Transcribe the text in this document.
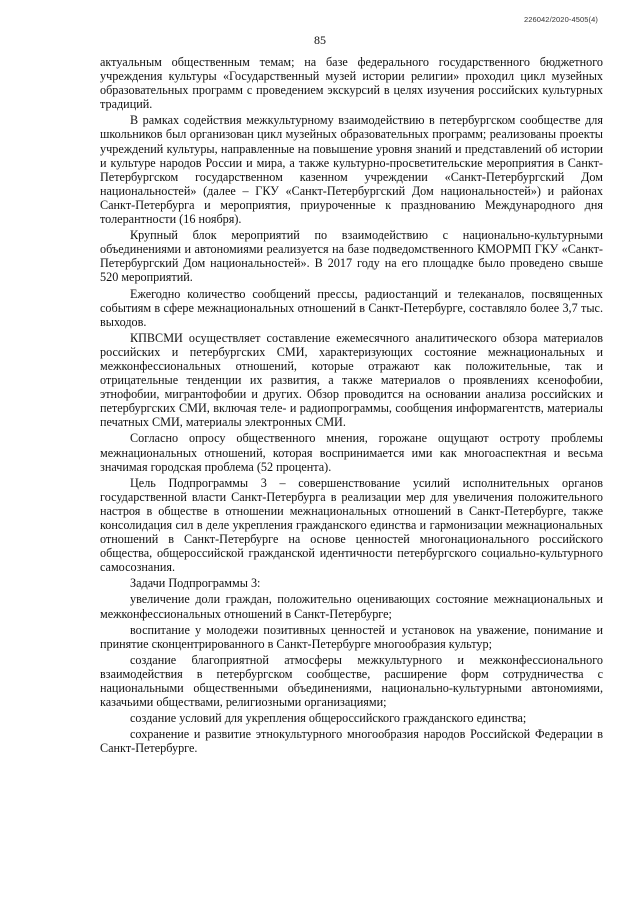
226042/2020-4505(4)
85

актуальным общественным темам; на базе федерального государственного бюджетного учреждения культуры «Государственный музей истории религии» проходил цикл музейных образовательных программ с проведением экскурсий в целях изучения российских культурных традиций.

В рамках содействия межкультурному взаимодействию в петербургском сообществе для школьников был организован цикл музейных образовательных программ; реализованы проекты учреждений культуры, направленные на повышение уровня знаний и представлений об истории и культуре народов России и мира, а также культурно-просветительские мероприятия в Санкт-Петербургском государственном казенном учреждении «Санкт-Петербургский Дом национальностей» (далее – ГКУ «Санкт-Петербургский Дом национальностей») и районах Санкт-Петербурга и мероприятия, приуроченные к празднованию Международного дня толерантности (16 ноября).

Крупный блок мероприятий по взаимодействию с национально-культурными объединениями и автономиями реализуется на базе подведомственного КМОРМП ГКУ «Санкт-Петербургский Дом национальностей». В 2017 году на его площадке было проведено свыше 520 мероприятий.

Ежегодно количество сообщений прессы, радиостанций и телеканалов, посвященных событиям в сфере межнациональных отношений в Санкт-Петербурге, составляло более 3,7 тыс. выходов.

КПВСМИ осуществляет составление ежемесячного аналитического обзора материалов российских и петербургских СМИ, характеризующих состояние межнациональных и межконфессиональных отношений, которые отражают как положительные, так и отрицательные тенденции их развития, а также материалов о проявлениях ксенофобии, этнофобии, мигрантофобии и других. Обзор проводится на основании анализа российских и петербургских СМИ, включая теле- и радиопрограммы, сообщения информагентств, материалы печатных СМИ, материалы электронных СМИ.

Согласно опросу общественного мнения, горожане ощущают остроту проблемы межнациональных отношений, которая воспринимается ими как многоаспектная и весьма значимая городская проблема (52 процента).

Цель Подпрограммы 3 – совершенствование усилий исполнительных органов государственной власти Санкт-Петербурга в реализации мер для увеличения положительного настроя в обществе в отношении межнациональных отношений в Санкт-Петербурге, также консолидация сил в деле укрепления гражданского единства и гармонизации межнациональных отношений в Санкт-Петербурге на основе ценностей многонационального российского общества, общероссийской гражданской идентичности петербургского социально-культурного самосознания.

Задачи Подпрограммы 3:

увеличение доли граждан, положительно оценивающих состояние межнациональных и межконфессиональных отношений в Санкт-Петербурге;

воспитание у молодежи позитивных ценностей и установок на уважение, понимание и принятие сконцентрированного в Санкт-Петербурге многообразия культур;

создание благоприятной атмосферы межкультурного и межконфессионального взаимодействия в петербургском сообществе, расширение форм сотрудничества с национальными общественными объединениями, национально-культурными автономиями, казачьими обществами, религиозными организациями;

создание условий для укрепления общероссийского гражданского единства;

сохранение и развитие этнокультурного многообразия народов Российской Федерации в Санкт-Петербурге.
